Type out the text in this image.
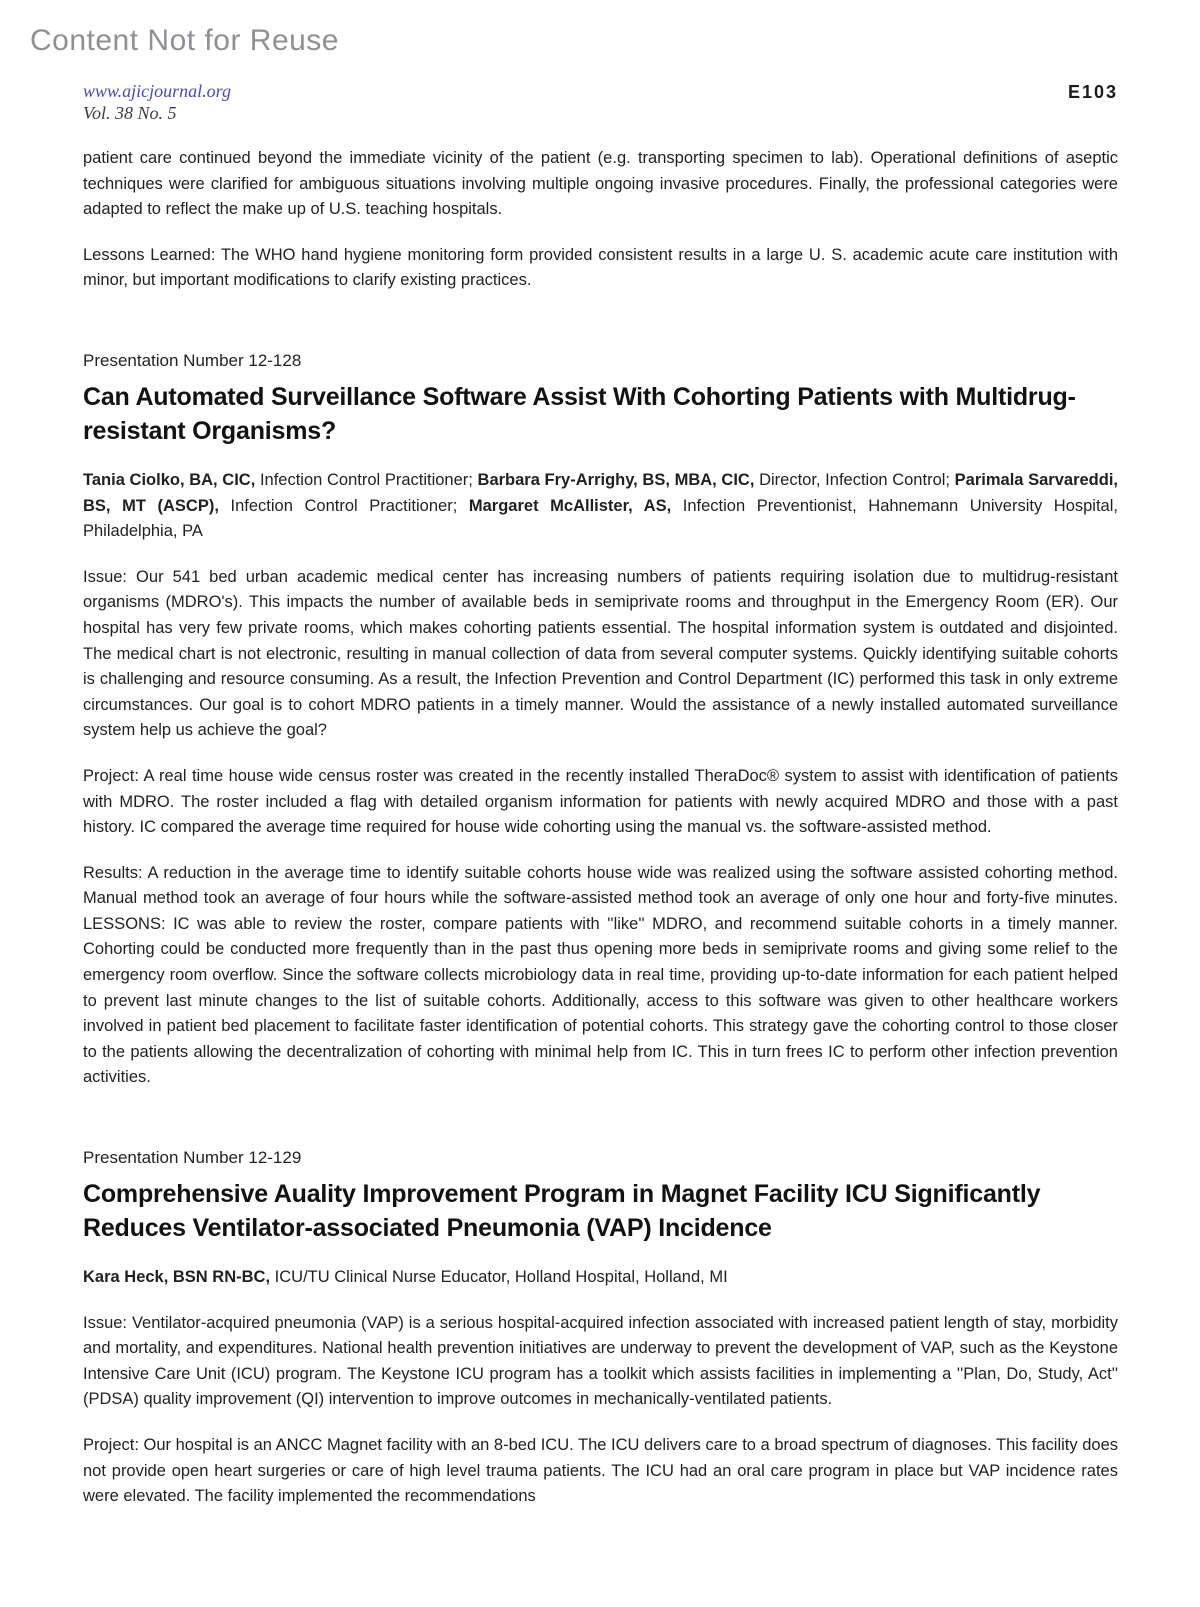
Content Not for Reuse
www.ajicjournal.org
Vol. 38 No. 5
E103

patient care continued beyond the immediate vicinity of the patient (e.g. transporting specimen to lab). Operational definitions of aseptic techniques were clarified for ambiguous situations involving multiple ongoing invasive procedures. Finally, the professional categories were adapted to reflect the make up of U.S. teaching hospitals.

Lessons Learned: The WHO hand hygiene monitoring form provided consistent results in a large U. S. academic acute care institution with minor, but important modifications to clarify existing practices.

Presentation Number 12-128
Can Automated Surveillance Software Assist With Cohorting Patients with Multidrug-resistant Organisms?

Tania Ciolko, BA, CIC, Infection Control Practitioner; Barbara Fry-Arrighy, BS, MBA, CIC, Director, Infection Control; Parimala Sarvareddi, BS, MT (ASCP), Infection Control Practitioner; Margaret McAllister, AS, Infection Preventionist, Hahnemann University Hospital, Philadelphia, PA

Issue: Our 541 bed urban academic medical center has increasing numbers of patients requiring isolation due to multidrug-resistant organisms (MDRO's). This impacts the number of available beds in semiprivate rooms and throughput in the Emergency Room (ER). Our hospital has very few private rooms, which makes cohorting patients essential. The hospital information system is outdated and disjointed. The medical chart is not electronic, resulting in manual collection of data from several computer systems. Quickly identifying suitable cohorts is challenging and resource consuming. As a result, the Infection Prevention and Control Department (IC) performed this task in only extreme circumstances. Our goal is to cohort MDRO patients in a timely manner. Would the assistance of a newly installed automated surveillance system help us achieve the goal?

Project: A real time house wide census roster was created in the recently installed TheraDoc® system to assist with identification of patients with MDRO. The roster included a flag with detailed organism information for patients with newly acquired MDRO and those with a past history. IC compared the average time required for house wide cohorting using the manual vs. the software-assisted method.

Results: A reduction in the average time to identify suitable cohorts house wide was realized using the software assisted cohorting method. Manual method took an average of four hours while the software-assisted method took an average of only one hour and forty-five minutes. LESSONS: IC was able to review the roster, compare patients with ''like'' MDRO, and recommend suitable cohorts in a timely manner. Cohorting could be conducted more frequently than in the past thus opening more beds in semiprivate rooms and giving some relief to the emergency room overflow. Since the software collects microbiology data in real time, providing up-to-date information for each patient helped to prevent last minute changes to the list of suitable cohorts. Additionally, access to this software was given to other healthcare workers involved in patient bed placement to facilitate faster identification of potential cohorts. This strategy gave the cohorting control to those closer to the patients allowing the decentralization of cohorting with minimal help from IC. This in turn frees IC to perform other infection prevention activities.

Presentation Number 12-129
Comprehensive Auality Improvement Program in Magnet Facility ICU Significantly Reduces Ventilator-associated Pneumonia (VAP) Incidence

Kara Heck, BSN RN-BC, ICU/TU Clinical Nurse Educator, Holland Hospital, Holland, MI

Issue: Ventilator-acquired pneumonia (VAP) is a serious hospital-acquired infection associated with increased patient length of stay, morbidity and mortality, and expenditures. National health prevention initiatives are underway to prevent the development of VAP, such as the Keystone Intensive Care Unit (ICU) program. The Keystone ICU program has a toolkit which assists facilities in implementing a ''Plan, Do, Study, Act'' (PDSA) quality improvement (QI) intervention to improve outcomes in mechanically-ventilated patients.

Project: Our hospital is an ANCC Magnet facility with an 8-bed ICU. The ICU delivers care to a broad spectrum of diagnoses. This facility does not provide open heart surgeries or care of high level trauma patients. The ICU had an oral care program in place but VAP incidence rates were elevated. The facility implemented the recommendations
